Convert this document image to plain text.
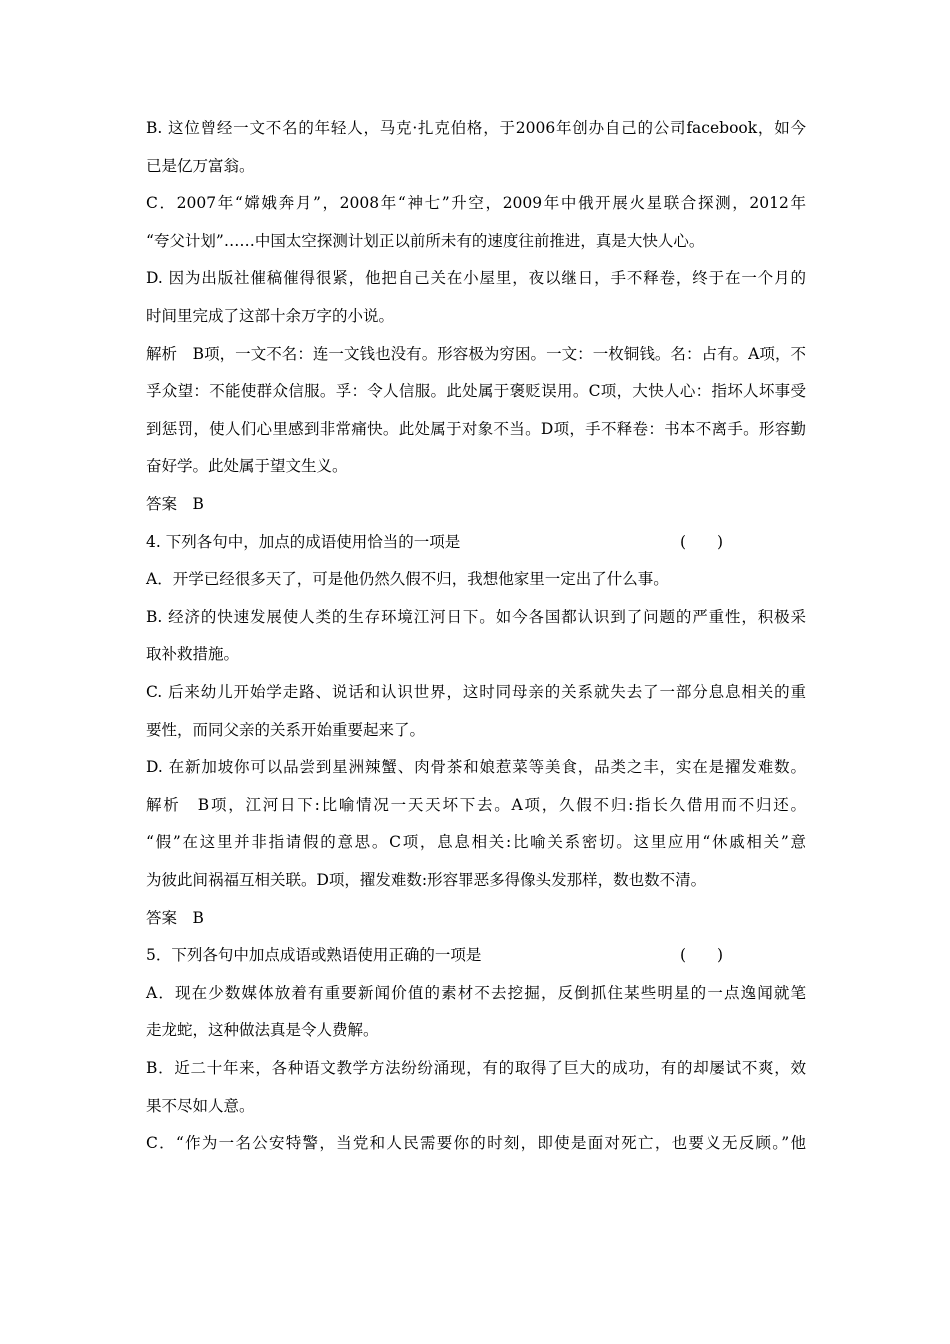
B. 这位曾经一文不名的年轻人，马克·扎克伯格，于2006年创办自己的公司facebook，如今
已是亿万富翁。
C．2007年“嫦娥奔月”，2008年“神七”升空，2009年中俄开展火星联合探测，2012年
“夸父计划”……中国太空探测计划正以前所未有的速度往前推进，真是大快人心。
D. 因为出版社催稿催得很紧，他把自己关在小屋里，夜以继日，手不释卷，终于在一个月的
时间里完成了这部十余万字的小说。
解析　B项，一文不名：连一文钱也没有。形容极为穷困。一文：一枚铜钱。名：占有。A项，不
孚众望：不能使群众信服。孚：令人信服。此处属于褒贬误用。C项，大快人心：指坏人坏事受
到惩罚，使人们心里感到非常痛快。此处属于对象不当。D项，手不释卷：书本不离手。形容勤
奋好学。此处属于望文生义。
答案　B
4. 下列各句中，加点的成语使用恰当的一项是	(　　)
A．开学已经很多天了，可是他仍然久假不归，我想他家里一定出了什么事。
B. 经济的快速发展使人类的生存环境江河日下。如今各国都认识到了问题的严重性，积极采
取补救措施。
C. 后来幼儿开始学走路、说话和认识世界，这时同母亲的关系就失去了一部分息息相关的重
要性，而同父亲的关系开始重要起来了。
D. 在新加坡你可以品尝到星洲辣蟹、肉骨茶和娘惹菜等美食，品类之丰，实在是擢发难数。
解析　B项，江河日下:比喻情况一天天坏下去。A项，久假不归:指长久借用而不归还。
“假”在这里并非指请假的意思。C项，息息相关:比喻关系密切。这里应用“休戚相关”意
为彼此间祸福互相关联。D项，擢发难数:形容罪恶多得像头发那样，数也数不清。
答案　B
5．下列各句中加点成语或熟语使用正确的一项是	(　　)
A．现在少数媒体放着有重要新闻价值的素材不去挖掘，反倒抓住某些明星的一点逸闻就笔
走龙蛇，这种做法真是令人费解。
B．近二十年来，各种语文教学方法纷纷涌现，有的取得了巨大的成功，有的却屡试不爽，效
果不尽如人意。
C．“作为一名公安特警，当党和人民需要你的时刻，即使是面对死亡，也要义无反顾。”他
